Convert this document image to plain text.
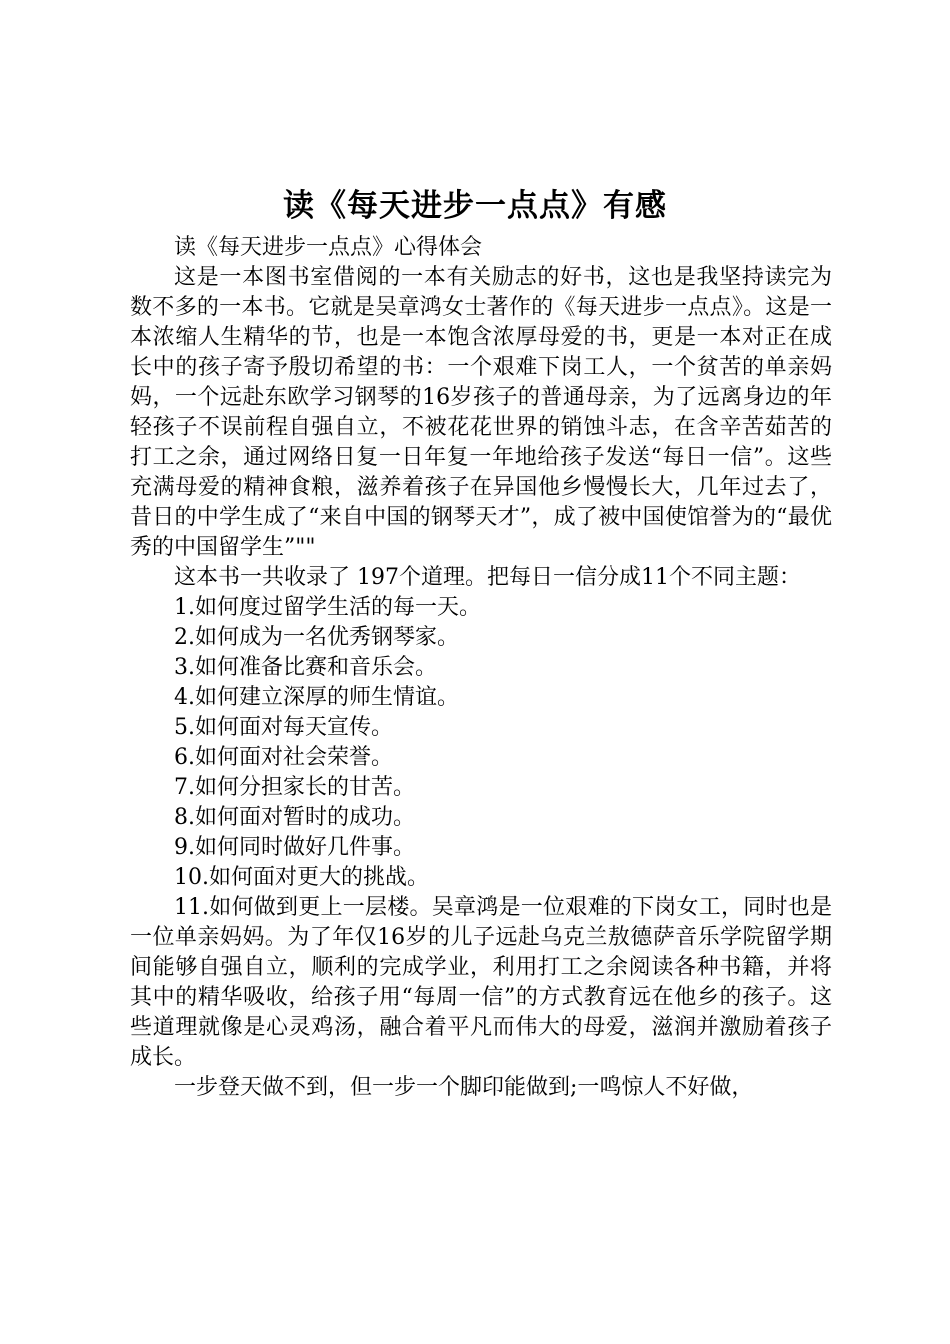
读《每天进步一点点》有感

读《每天进步一点点》心得体会

这是一本图书室借阅的一本有关励志的好书，这也是我坚持读完为数不多的一本书。它就是吴章鸿女士著作的《每天进步一点点》。这是一本浓缩人生精华的节，也是一本饱含浓厚母爱的书，更是一本对正在成长中的孩子寄予殷切希望的书：一个艰难下岗工人，一个贫苦的单亲妈妈，一个远赴东欧学习钢琴的16岁孩子的普通母亲，为了远离身边的年轻孩子不误前程自强自立，不被花花世界的销蚀斗志，在含辛苦茹苦的打工之余，通过网络日复一日年复一年地给孩子发送“每日一信”。这些充满母爱的精神食粮，滋养着孩子在异国他乡慢慢长大，几年过去了，昔日的中学生成了“来自中国的钢琴天才”，成了被中国使馆誉为的“最优秀的中国留学生”""

这本书一共收录了 197个道理。把每日一信分成11个不同主题：

1.如何度过留学生活的每一天。

2.如何成为一名优秀钢琴家。

3.如何准备比赛和音乐会。

4.如何建立深厚的师生情谊。

5.如何面对每天宣传。

6.如何面对社会荣誉。

7.如何分担家长的甘苦。

8.如何面对暂时的成功。

9.如何同时做好几件事。

10.如何面对更大的挑战。

11.如何做到更上一层楼。吴章鸿是一位艰难的下岗女工，同时也是一位单亲妈妈。为了年仅16岁的儿子远赴乌克兰敖德萨音乐学院留学期间能够自强自立，顺利的完成学业，利用打工之余阅读各种书籍，并将其中的精华吸收，给孩子用“每周一信”的方式教育远在他乡的孩子。这些道理就像是心灵鸡汤，融合着平凡而伟大的母爱，滋润并激励着孩子成长。

一步登天做不到，但一步一个脚印能做到;一鸣惊人不好做，
